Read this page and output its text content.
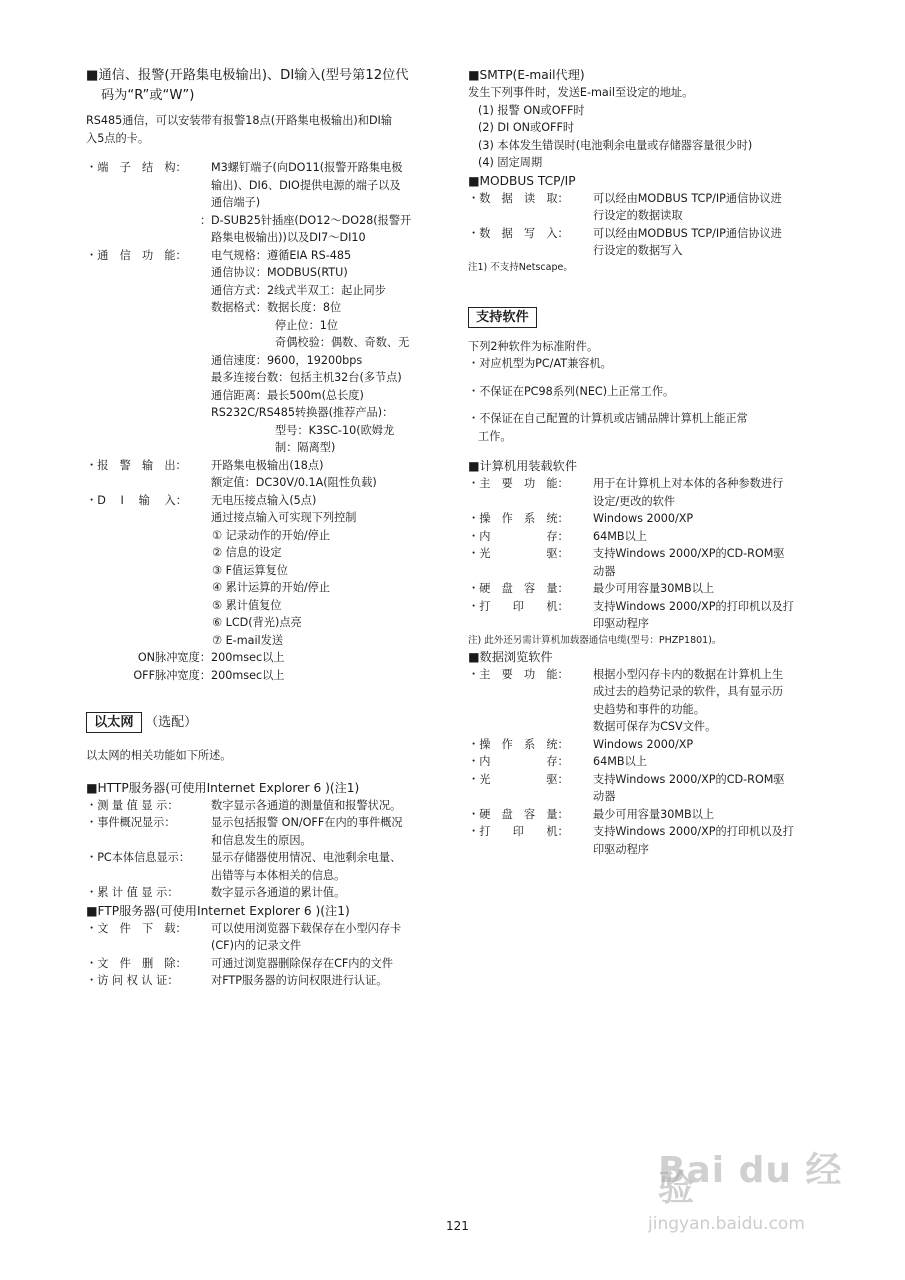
■通信、报警(开路集电极输出)、DI输入(型号第12位代
码为“R”或“W”)
RS485通信，可以安装带有报警18点(开路集电极输出)和DI输
入5点的卡。
・端　子　结　构：	M3螺钉端子(向DO11(报警开路集电极
输出)、DI6、DIO提供电源的端子以及
通信端子)
： D-SUB25针插座(DO12～DO28(报警开
路集电极输出))以及DI7～DI10
・通　信　功　能：	电气规格：遵循EIA RS-485
通信协议：MODBUS(RTU)
通信方式：2线式半双工：起止同步
数据格式：数据长度：8位
停止位：1位
奇偶校验：偶数、奇数、无
通信速度：9600，19200bps
最多连接台数：包括主机32台(多节点)
通信距离：最长500m(总长度)
RS232C/RS485转换器(推荐产品)：
型号：K3SC-10(欧姆龙
制：隔离型)
・报　警　输　出：	开路集电极输出(18点)
额定值：DC30V/0.1A(阻性负载)
・D　 I　 输　 入：	无电压接点输入(5点)
通过接点输入可实现下列控制
① 记录动作的开始/停止
② 信息的设定
③ F值运算复位
④ 累计运算的开始/停止
⑤ 累计值复位
⑥ LCD(背光)点亮
⑦ E-mail发送
ON脉冲宽度： 200msec以上
OFF脉冲宽度： 200msec以上
以太网 （选配）
以太网的相关功能如下所述。
■HTTP服务器(可使用Internet Explorer 6 )(注1)
・测 量 值 显 示：	数字显示各通道的测量值和报警状况。
・事件概况显示：	显示包括报警 ON/OFF在内的事件概况
和信息发生的原因。
・PC本体信息显示：	显示存储器使用情况、电池剩余电量、
出错等与本体相关的信息。
・累 计 值 显 示：	数字显示各通道的累计值。
■FTP服务器(可使用Internet Explorer 6 )(注1)
・文　件　下　载：	可以使用浏览器下载保存在小型闪存卡
(CF)内的记录文件
・文　件　删　除：	可通过浏览器删除保存在CF内的文件
・访 问 权 认 证：	对FTP服务器的访问权限进行认证。
■SMTP(E-mail代理)
发生下列事件时，发送E-mail至设定的地址。
(1) 报警 ON或OFF时
(2) DI ON或OFF时
(3) 本体发生错误时(电池剩余电量或存储器容量很少时)
(4) 固定周期
■MODBUS TCP/IP
・数　据　读　取：	可以经由MODBUS TCP/IP通信协议进
行设定的数据读取
・数　据　写　入：	可以经由MODBUS TCP/IP通信协议进
行设定的数据写入
注1) 不支持Netscape。
支持软件
下列2种软件为标准附件。
・对应机型为PC/AT兼容机。
・不保证在PC98系列(NEC)上正常工作。
・不保证在自己配置的计算机或店铺品牌计算机上能正常
工作。
■计算机用装载软件
・主　要　功　能：	用于在计算机上对本体的各种参数进行
设定/更改的软件
・操　作　系　统：	Windows 2000/XP
・内　　　　　存：	64MB以上
・光　　　　　驱：	支持Windows 2000/XP的CD-ROM驱
动器
・硬　盘　容　量：	最少可用容量30MB以上
・打　　印　　机：	支持Windows 2000/XP的打印机以及打
印驱动程序
注) 此外还另需计算机加载器通信电缆(型号：PHZP1801)。
■数据浏览软件
・主　要　功　能：	根据小型闪存卡内的数据在计算机上生
成过去的趋势记录的软件，具有显示历
史趋势和事件的功能。
数据可保存为CSV文件。
・操　作　系　统：	Windows 2000/XP
・内　　　　　存：	64MB以上
・光　　　　　驱：	支持Windows 2000/XP的CD-ROM驱
动器
・硬　盘　容　量：	最少可用容量30MB以上
・打　　印　　机：	支持Windows 2000/XP的打印机以及打
印驱动程序
121
Bai du 经验
jingyan.baidu.com
